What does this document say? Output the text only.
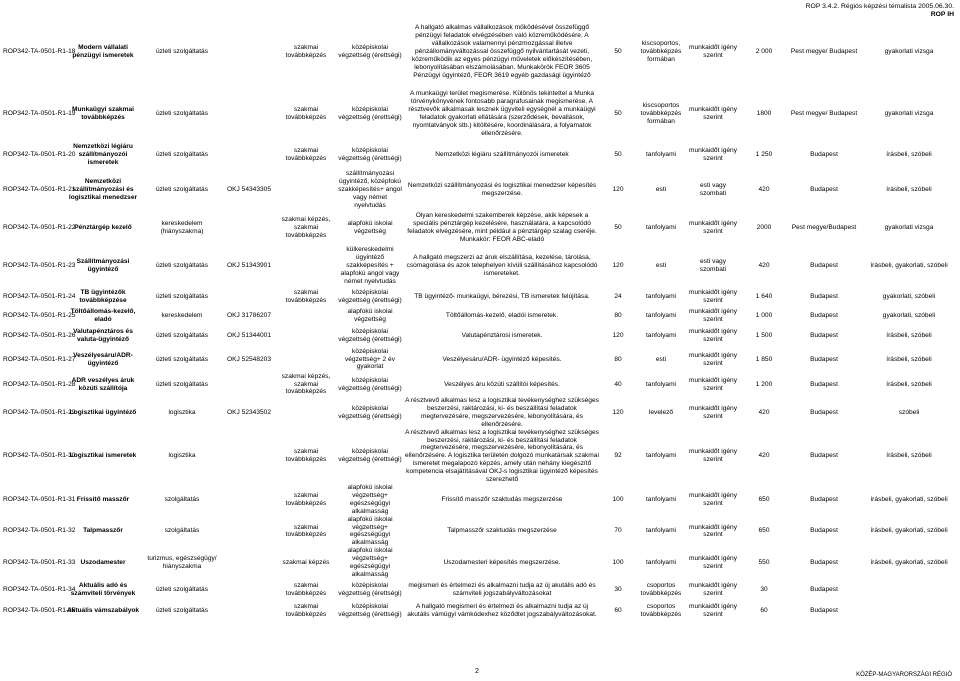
ROP 3.4.2. Régiós képzési témalista 2005.06.30.
ROP IH
ROP342-TA-0501-R1-18	Modern vállalati pénzügyi ismeretek	üzleti szolgáltatás		szakmai továbbképzés	középiskolai végzettség (érettségi)	A hallgató alkalmas vállalkozások működésével összefüggő pénzügyi feladatok elvégzésében való közreműködésére. A vállalkozások valamennyi pénzmozgással illetve pénzállományváltozással összefüggő nyilvántartását vezeti, közreműködik az egyes pénzügyi műveletek előkészítésében, lebonyolításában elszámolásában. Munkakörök FEOR 3605 Pénzügyi ügyintéző, FEOR 3619 egyéb gazdasági ügyintéző	50	kiscsoportos, továbbképzés formában	munkaidőt igény szerint	2 000	Pest megye/ Budapest	gyakorlati vizsga
ROP342-TA-0501-R1-19	Munkaügyi szakmai továbbképzés	üzleti szolgáltatás		szakmai továbbképzés	középiskolai végzettség (érettségi)	A munkaügyi terület megismerése. Különös tekintettel a Munka törvénykönyvének fontosabb paragrafusainak megismerése. A résztvevők alkalmasak lesznek ügyviteli egységnél a munkaügyi feladatok gyakorlati ellátására (szerződések, bevallások, nyomtatványok stb.) kitöltésére, koordinálására, a folyamatok ellenőrzésére.	50	kiscsoportos továbbképzés formában	munkaidőt igény szerint	1800	Pest megye/ Budapest	gyakorlati vizsga
ROP342-TA-0501-R1-20	Nemzetközi légiáru szállítmányozói ismeretek	üzleti szolgáltatás		szakmai továbbképzés	középiskolai végzettség (érettségi)	Nemzetközi légiáru szállítmányozói ismeretek	50	tanfolyami	munkaidőt igény szerint	1 250	Budapest	írásbeli, szóbeli
ROP342-TA-0501-R1-21	Nemzetközi szállítmányozási és logisztikai menedzser	üzleti szolgáltatás	OKJ 54343305		szállítmányozási ügyintéző, középfokú szakképesítés+ angol vagy német nyelvtudás	Nemzetközi szállítmányozási és logisztikai menedzser képesítés megszerzése.	120	esti	esti vagy szombati	420	Budapest	írásbeli, szóbeli
ROP342-TA-0501-R1-22	Pénztárgép kezelő	kereskedelem (hiányszakma)		szakmai képzés, szakmai továbbképzés	alapfokú iskolai végzettség	Olyan kereskedelmi szakemberek képzése, akik képesek a speciális pénztárgép kezelésére, használatára, a kapcsolódó feladatok elvégzésére, mint például a pénztárgép szalag cseréje. Munkakör: FEOR ABC-eladó	50	tanfolyami	munkaidőt igény szerint	2000	Pest megye/Budapest	gyakorlati vizsga
ROP342-TA-0501-R1-23	Szállítmányozási ügyintéző	üzleti szolgáltatás	OKJ 51343901		külkereskedelmi ügyintéző szakképesítés + alapfokú angol vagy német nyelvtudás	A hallgató megszerzi az áruk elszállítása, kezelése, tárolása, csomagolása és azok telephelyen kívüli szállításához kapcsolódó ismereteket.	120	esti	esti vagy szombati	420	Budapest	írásbeli, gyakorlati, szóbeli
ROP342-TA-0501-R1-24	TB ügyintézők továbbképzése	üzleti szolgáltatás		szakmai továbbképzés	középiskolai végzettség (érettségi)	TB ügyintéző- munkaügyi, bérezési, TB ismeretek felújítása.	24	tanfolyami	munkaidőt igény szerint	1 640	Budapest	gyakorlati, szóbeli
ROP342-TA-0501-R1-25	Töltőállomás-kezelő, eladó	kereskedelem	OKJ 31786207		alapfokú iskolai végzettség	Töltőállomás-kezelő, eladói ismeretek.	80	tanfolyami	munkaidőt igény szerint	1 000	Budapest	gyakorlati, szóbeli
ROP342-TA-0501-R1-26	Valutapénztáros és valuta-ügyintéző	üzleti szolgáltatás	OKJ 51344001		középiskolai végzettség (érettségi)	Valutapénztárosi ismeretek.	120	tanfolyami	munkaidőt igény szerint	1 500	Budapest	írásbeli, szóbeli
ROP342-TA-0501-R1-27	Veszélyesáru/ADR-ügyintéző	üzleti szolgáltatás	OKJ 52548203		középiskolai végzettség+ 2 év gyakorlat	Veszélyesáru/ADR- ügyintéző képesítés.	80	esti	munkaidőt igény szerint	1 850	Budapest	írásbeli, szóbeli
ROP342-TA-0501-R1-28	ADR veszélyes áruk közúti szállítója	üzleti szolgáltatás		szakmai képzés, szakmai továbbképzés	középiskolai végzettség (érettségi)	Veszélyes áru közúti szállítói képesítés.	40	tanfolyami	munkaidőt igény szerint	1 200	Budapest	írásbeli, szóbeli
ROP342-TA-0501-R1-29	Logisztikai ügyintéző	logisztika	OKJ 52343502		középiskolai végzettség (érettségi)	A résztvevő alkalmas lesz a logisztikai tevékenységhez szükséges beszerzési, raktározási, ki- és beszállítási feladatok megtervezésére, megszervezésére, lebonyolítására, és ellenőrzésére.	120	levelező	munkaidőt igény szerint	420	Budapest	szóbeli
ROP342-TA-0501-R1-30	Logisztikai ismeretek	logisztika		szakmai továbbképzés	középiskolai végzettség (érettségi)	A résztvevő alkalmas lesz a logisztikai tevékenységhez szükséges beszerzési, raktározási, ki- és beszállítási feladatok megtervezésére, megszervezésére, lebonyolítására, és ellenőrzésére. A logisztika területén dolgozó munkatársak szakmai ismeretet megalapozó képzés, amely után nehány kiegészítő kompetencia elsajátításával OKJ-s logisztikai ügyintéző képesítés szerezhető	92	tanfolyami	munkaidőt igény szerint	420	Budapest	írásbeli, szóbeli
ROP342-TA-0501-R1-31	Frissítő masszőr	szolgáltatás		szakmai továbbképzés	alapfokú iskolai végzettség+ egészségügyi alkalmasság	Frissítő masszőr szaktudás megszerzése	100	tanfolyami	munkaidőt igény szerint	650	Budapest	írásbeli, gyakorlati, szóbeli
ROP342-TA-0501-R1-32	Talpmasszőr	szolgáltatás		szakmai továbbképzés	alapfokú iskolai végzettség+ egészségügyi alkalmasság	Talpmasszőr szaktudás megszerzése	70	tanfolyami	munkaidőt igény szerint	650	Budapest	írásbeli, gyakorlati, szóbeli
ROP342-TA-0501-R1-33	Uszodamester	turizmus, egészségügy/ hiányszakma		szakmai képzés	alapfokú iskolai végzettség+ egészségügyi alkalmasság	Uszodamesteri képesítés megszerzése.	100	tanfolyami	munkaidőt igény szerint	550	Budapest	írásbeli, gyakorlati, szóbeli
ROP342-TA-0501-R1-34	Aktuális adó és számviteli törvények	üzleti szolgáltatás		szakmai továbbképzés	középiskolai végzettség (érettségi)	megismeri és értelmezi és alkalmazni tudja az új akutális adó és számviteli jogszabályváltozásokat	30	csoportos továbbképzés	munkaidőt igény szerint	30	Budapest	
ROP342-TA-0501-R1-35	Aktuális vámszabályok	üzleti szolgáltatás		szakmai továbbképzés	középiskolai végzettség (érettségi)	A hallgató megismeri és értelmezi és alkalmazni tudja az új akutális vámügyi vámkódexhez köződtet jogszabályváltozásokat.	60	csoportos továbbképzés	munkaidőt igény szerint	60	Budapest	
2	KÖZÉP-MAGYARORSZÁGI RÉGIÓ
